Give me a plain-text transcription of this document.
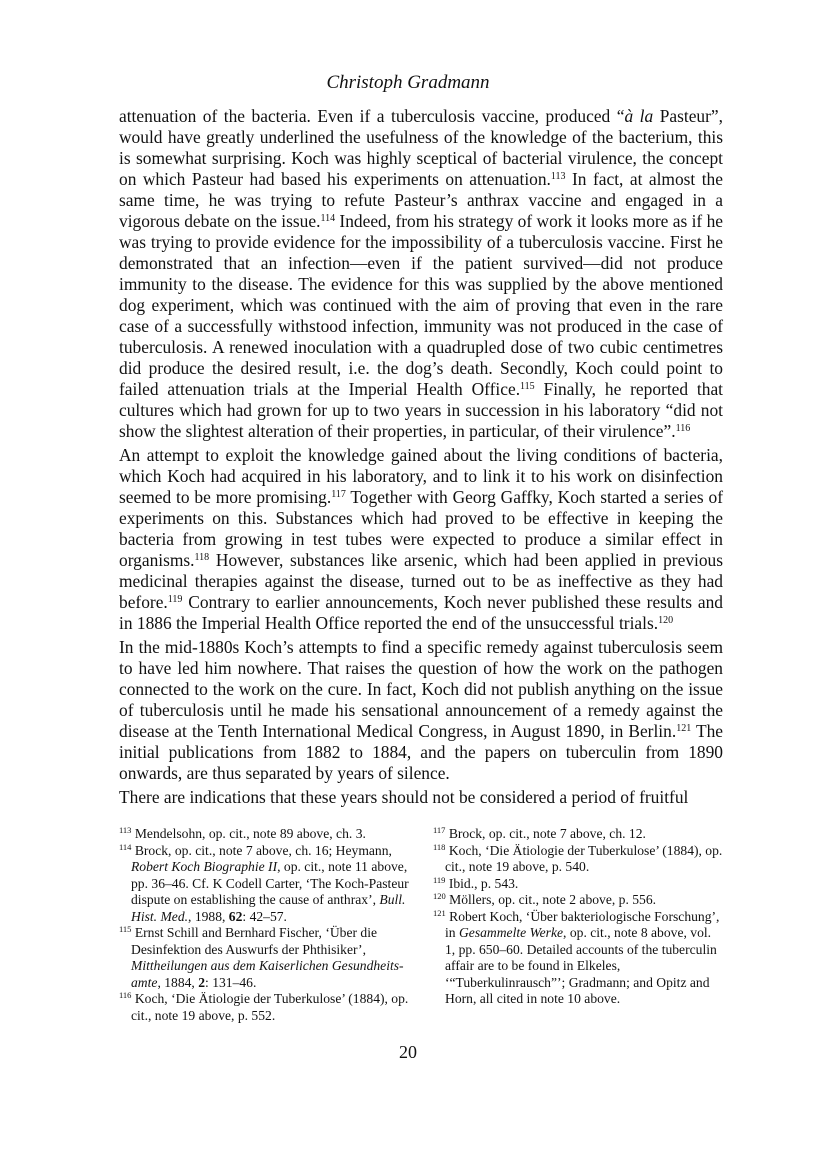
Christoph Gradmann

attenuation of the bacteria. Even if a tuberculosis vaccine, produced “à la Pasteur”, would have greatly underlined the usefulness of the knowledge of the bacterium, this is somewhat surprising. Koch was highly sceptical of bacterial virulence, the concept on which Pasteur had based his experiments on attenuation.$^{113}$ In fact, at almost the same time, he was trying to refute Pasteur’s anthrax vaccine and engaged in a vigorous debate on the issue.$^{114}$ Indeed, from his strategy of work it looks more as if he was trying to provide evidence for the impossibility of a tuberculosis vaccine. First he demonstrated that an infection—even if the patient survived—did not produce immunity to the disease. The evidence for this was supplied by the above mentioned dog experiment, which was continued with the aim of proving that even in the rare case of a successfully withstood infection, immunity was not produced in the case of tuberculosis. A renewed inoculation with a quadrupled dose of two cubic centimetres did produce the desired result, i.e. the dog’s death. Secondly, Koch could point to failed attenuation trials at the Imperial Health Office.$^{115}$ Finally, he reported that cultures which had grown for up to two years in succession in his laboratory “did not show the slightest alteration of their properties, in particular, of their virulence”.$^{116}$

An attempt to exploit the knowledge gained about the living conditions of bacteria, which Koch had acquired in his laboratory, and to link it to his work on disinfection seemed to be more promising.$^{117}$ Together with Georg Gaffky, Koch started a series of experiments on this. Substances which had proved to be effective in keeping the bacteria from growing in test tubes were expected to produce a similar effect in organisms.$^{118}$ However, substances like arsenic, which had been applied in previous medicinal therapies against the disease, turned out to be as ineffective as they had before.$^{119}$ Contrary to earlier announcements, Koch never published these results and in 1886 the Imperial Health Office reported the end of the unsuccessful trials.$^{120}$

In the mid-1880s Koch’s attempts to find a specific remedy against tuberculosis seem to have led him nowhere. That raises the question of how the work on the pathogen connected to the work on the cure. In fact, Koch did not publish anything on the issue of tuberculosis until he made his sensational announcement of a remedy against the disease at the Tenth International Medical Congress, in August 1890, in Berlin.$^{121}$ The initial publications from 1882 to 1884, and the papers on tuberculin from 1890 onwards, are thus separated by years of silence.

There are indications that these years should not be considered a period of fruitful

$^{113}$ Mendelsohn, op. cit., note 89 above, ch. 3.
$^{114}$ Brock, op. cit., note 7 above, ch. 16; Heymann, Robert Koch Biographie II, op. cit., note 11 above, pp. 36–46. Cf. K Codell Carter, ‘The Koch-Pasteur dispute on establishing the cause of anthrax’, Bull. Hist. Med., 1988, 62: 42–57.
$^{115}$ Ernst Schill and Bernhard Fischer, ‘Über die Desinfektion des Auswurfs der Phthisiker’, Mittheilungen aus dem Kaiserlichen Gesundheits-amte, 1884, 2: 131–46.
$^{116}$ Koch, ‘Die Ätiologie der Tuberkulose’ (1884), op. cit., note 19 above, p. 552.
$^{117}$ Brock, op. cit., note 7 above, ch. 12.
$^{118}$ Koch, ‘Die Ätiologie der Tuberkulose’ (1884), op. cit., note 19 above, p. 540.
$^{119}$ Ibid., p. 543.
$^{120}$ Möllers, op. cit., note 2 above, p. 556.
$^{121}$ Robert Koch, ‘Über bakteriologische Forschung’, in Gesammelte Werke, op. cit., note 8 above, vol. 1, pp. 650–60. Detailed accounts of the tuberculin affair are to be found in Elkeles, ‘“Tuberkulinrausch”’; Gradmann; and Opitz and Horn, all cited in note 10 above.
20
